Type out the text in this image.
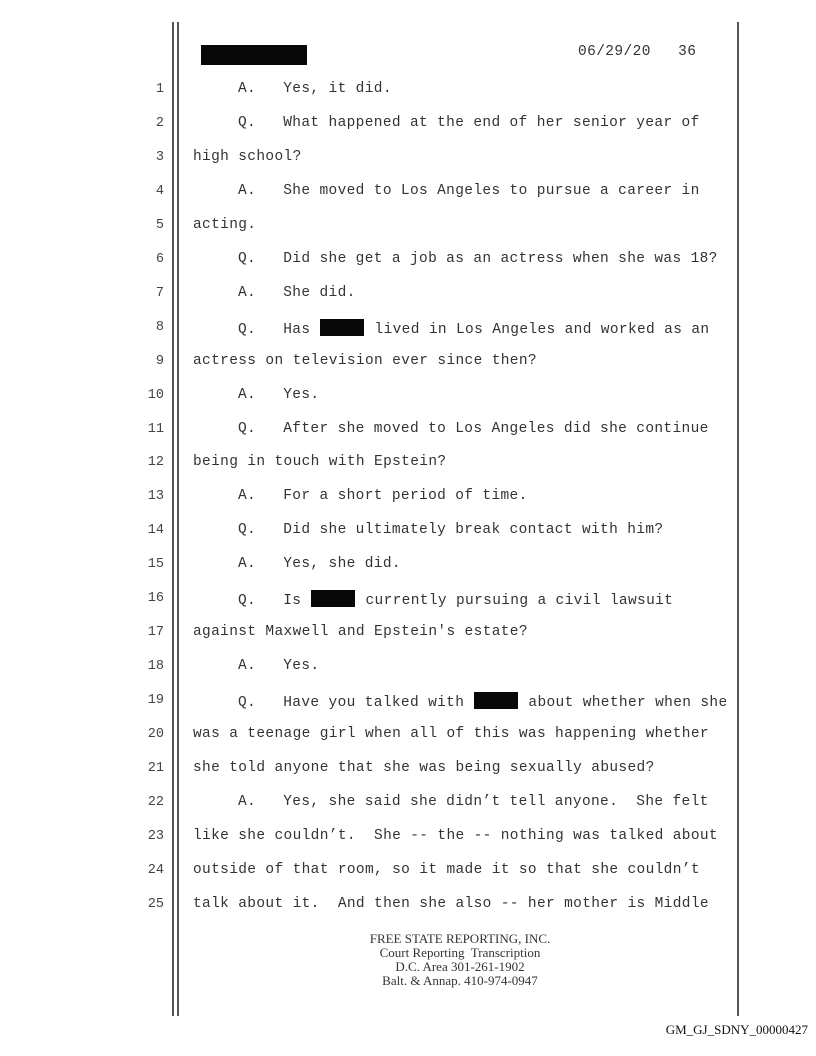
06/29/20 36
1	A.   Yes, it did.
2	Q.   What happened at the end of her senior year of
3 high school?
4	A.   She moved to Los Angeles to pursue a career in
5 acting.
6	Q.   Did she get a job as an actress when she was 18?
7	A.   She did.
8	Q.   Has	lived in Los Angeles and worked as an
9 actress on television ever since then?
10	A.   Yes.
11	Q.   After she moved to Los Angeles did she continue
12 being in touch with Epstein?
13	A.   For a short period of time.
14	Q.   Did she ultimately break contact with him?
15	A.   Yes, she did.
16	Q.   Is	currently pursuing a civil lawsuit
17 against Maxwell and Epstein's estate?
18	A.   Yes.
19	Q.   Have you talked with	about whether when she
20 was a teenage girl when all of this was happening whether
21 she told anyone that she was being sexually abused?
22	A.   Yes, she said she didn’t tell anyone.  She felt
23 like she couldn’t.  She -- the -- nothing was talked about
24 outside of that room, so it made it so that she couldn’t
25 talk about it.  And then she also -- her mother is Middle
FREE STATE REPORTING, INC.
Court Reporting  Transcription
D.C. Area 301-261-1902
Balt. & Annap. 410-974-0947
GM_GJ_SDNY_00000427
